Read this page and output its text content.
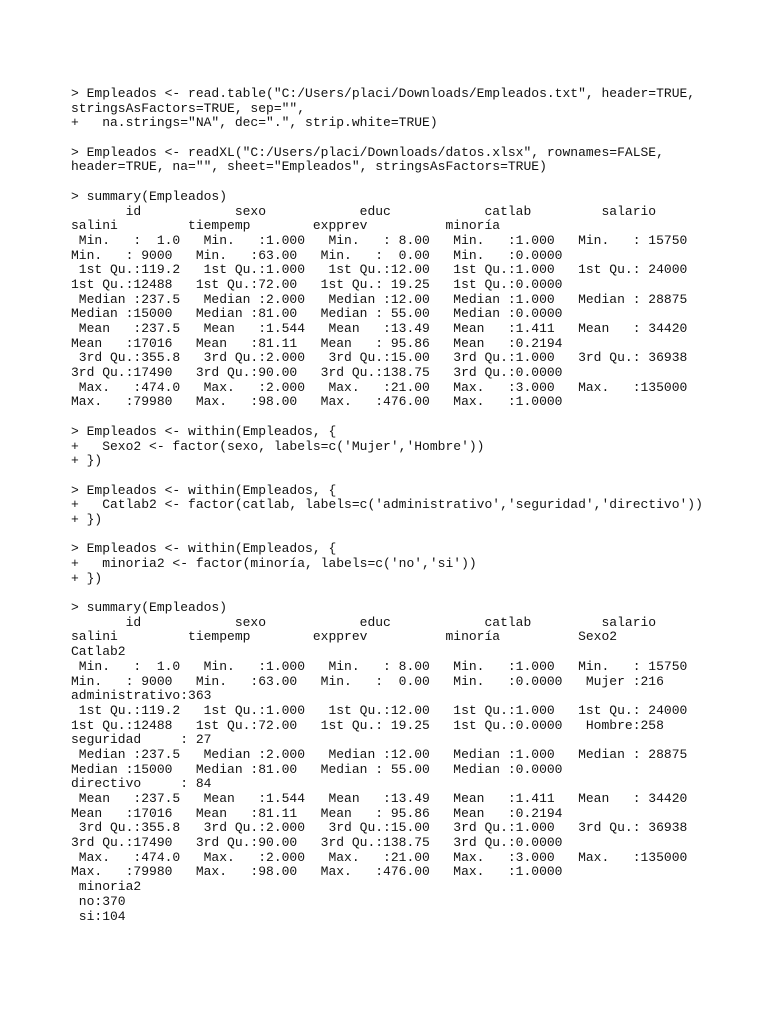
> Empleados <- read.table("C:/Users/placi/Downloads/Empleados.txt", header=TRUE,
stringsAsFactors=TRUE, sep="",
+   na.strings="NA", dec=".", strip.white=TRUE)
> Empleados <- readXL("C:/Users/placi/Downloads/datos.xlsx", rownames=FALSE,
header=TRUE, na="", sheet="Empleados", stringsAsFactors=TRUE)
> summary(Empleados)
id            sexo            educ            catlab         salario
salini         tiempemp        expprev          minoría
Min.   :  1.0   Min.   :1.000   Min.   : 8.00   Min.   :1.000   Min.   : 15750
Min.   : 9000   Min.   :63.00   Min.   :  0.00   Min.   :0.0000
1st Qu.:119.2   1st Qu.:1.000   1st Qu.:12.00   1st Qu.:1.000   1st Qu.: 24000
1st Qu.:12488   1st Qu.:72.00   1st Qu.: 19.25   1st Qu.:0.0000
Median :237.5   Median :2.000   Median :12.00   Median :1.000   Median : 28875
Median :15000   Median :81.00   Median : 55.00   Median :0.0000
Mean   :237.5   Mean   :1.544   Mean   :13.49   Mean   :1.411   Mean   : 34420
Mean   :17016   Mean   :81.11   Mean   : 95.86   Mean   :0.2194
3rd Qu.:355.8   3rd Qu.:2.000   3rd Qu.:15.00   3rd Qu.:1.000   3rd Qu.: 36938
3rd Qu.:17490   3rd Qu.:90.00   3rd Qu.:138.75   3rd Qu.:0.0000
Max.   :474.0   Max.   :2.000   Max.   :21.00   Max.   :3.000   Max.   :135000
Max.   :79980   Max.   :98.00   Max.   :476.00   Max.   :1.0000
> Empleados <- within(Empleados, {
+   Sexo2 <- factor(sexo, labels=c('Mujer','Hombre'))
+ })
> Empleados <- within(Empleados, {
+   Catlab2 <- factor(catlab, labels=c('administrativo','seguridad','directivo'))
+ })
> Empleados <- within(Empleados, {
+   minoria2 <- factor(minoría, labels=c('no','si'))
+ })
> summary(Empleados)
id            sexo            educ            catlab         salario
salini         tiempemp        expprev          minoría          Sexo2
Catlab2
Min.   :  1.0   Min.   :1.000   Min.   : 8.00   Min.   :1.000   Min.   : 15750
Min.   : 9000   Min.   :63.00   Min.   :  0.00   Min.   :0.0000   Mujer :216
administrativo:363
1st Qu.:119.2   1st Qu.:1.000   1st Qu.:12.00   1st Qu.:1.000   1st Qu.: 24000
1st Qu.:12488   1st Qu.:72.00   1st Qu.: 19.25   1st Qu.:0.0000   Hombre:258
seguridad     : 27
Median :237.5   Median :2.000   Median :12.00   Median :1.000   Median : 28875
Median :15000   Median :81.00   Median : 55.00   Median :0.0000
directivo     : 84
Mean   :237.5   Mean   :1.544   Mean   :13.49   Mean   :1.411   Mean   : 34420
Mean   :17016   Mean   :81.11   Mean   : 95.86   Mean   :0.2194
3rd Qu.:355.8   3rd Qu.:2.000   3rd Qu.:15.00   3rd Qu.:1.000   3rd Qu.: 36938
3rd Qu.:17490   3rd Qu.:90.00   3rd Qu.:138.75   3rd Qu.:0.0000
Max.   :474.0   Max.   :2.000   Max.   :21.00   Max.   :3.000   Max.   :135000
Max.   :79980   Max.   :98.00   Max.   :476.00   Max.   :1.0000
minoria2
no:370
si:104
